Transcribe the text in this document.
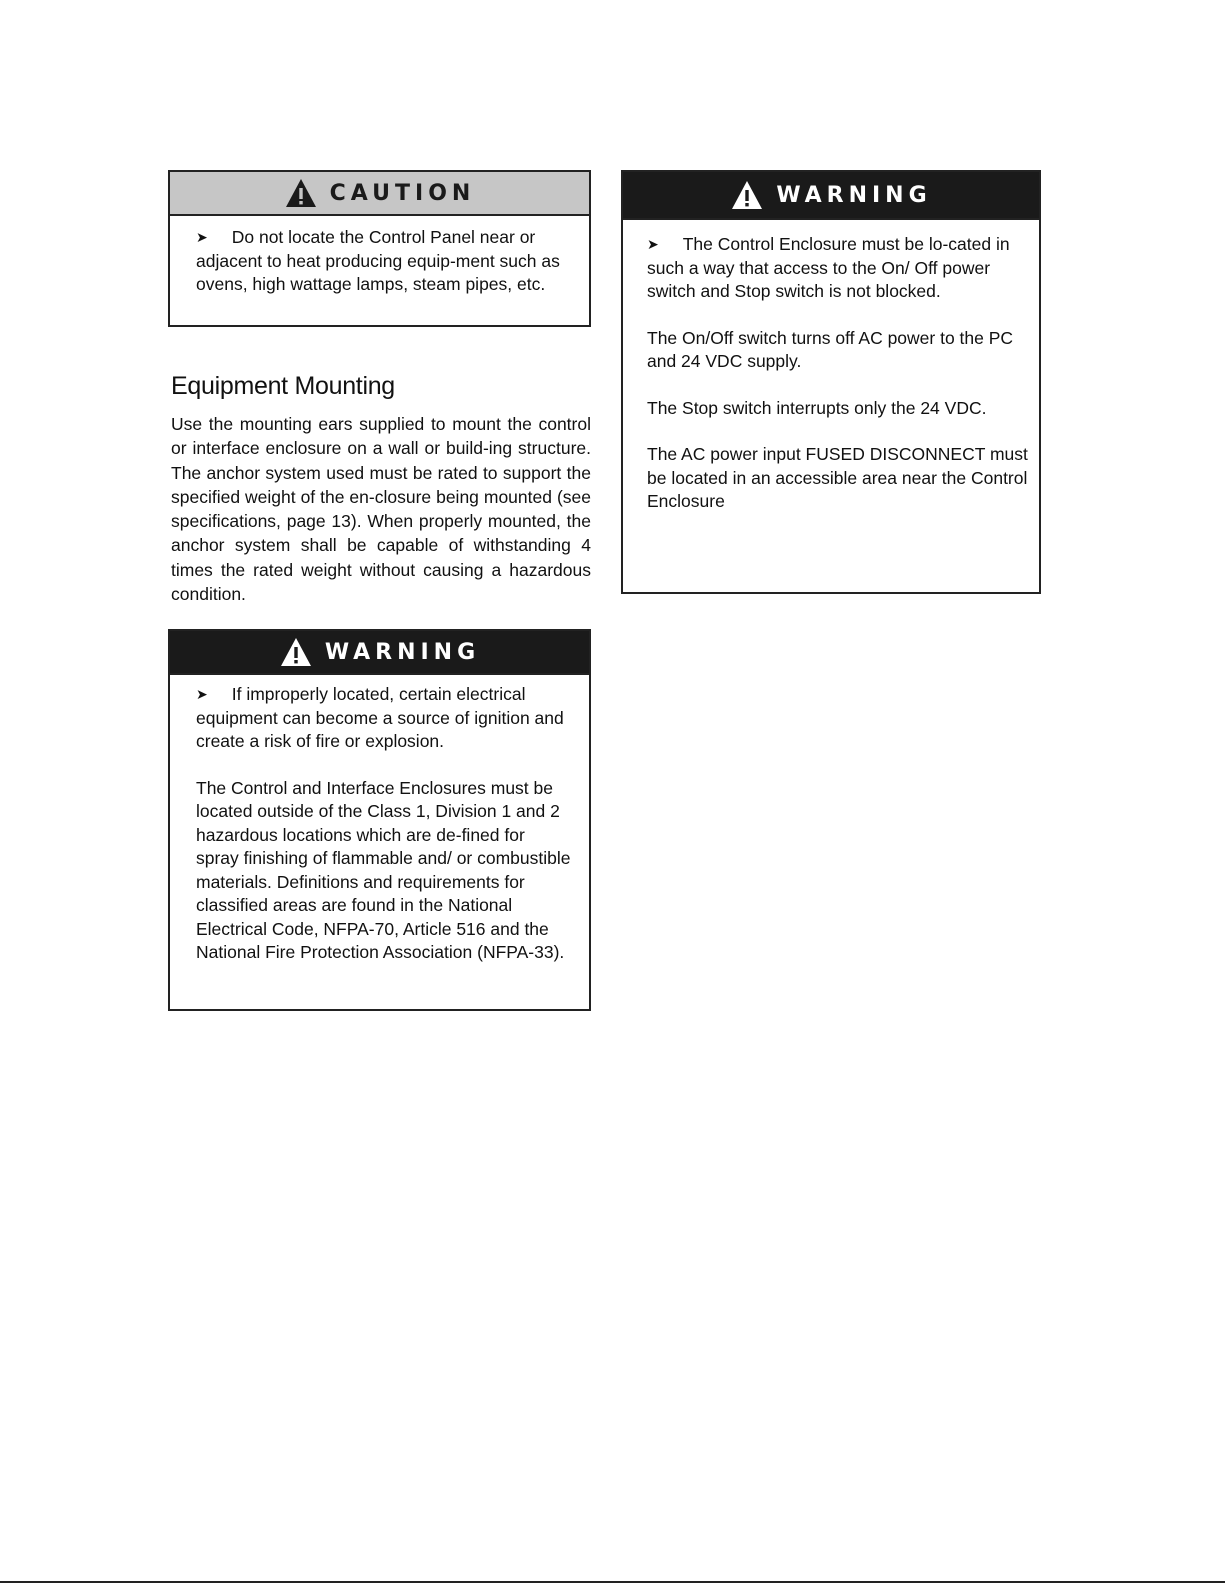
CAUTION

➤ Do not locate the Control Panel near or adjacent to heat producing equip-ment such as ovens, high wattage lamps, steam pipes, etc.

Equipment Mounting

Use the mounting ears supplied to mount the control or interface enclosure on a wall or build-ing structure. The anchor system used must be rated to support the specified weight of the en-closure being mounted (see specifications, page 13). When properly mounted, the anchor system shall be capable of withstanding 4 times the rated weight without causing a hazardous condition.

WARNING

➤ If improperly located, certain electrical equipment can become a source of ignition and create a risk of fire or explosion.

The Control and Interface Enclosures must be located outside of the Class 1, Division 1 and 2 hazardous locations which are de-fined for spray finishing of flammable and/ or combustible materials. Definitions and requirements for classified areas are found in the National Electrical Code, NFPA-70, Article 516 and the National Fire Protection Association (NFPA-33).

WARNING

➤ The Control Enclosure must be lo-cated in such a way that access to the On/ Off power switch and Stop switch is not blocked.

The On/Off switch turns off AC power to the PC and 24 VDC supply.

The Stop switch interrupts only the 24 VDC.

The AC power input FUSED DISCONNECT must be located in an accessible area near the Control Enclosure
